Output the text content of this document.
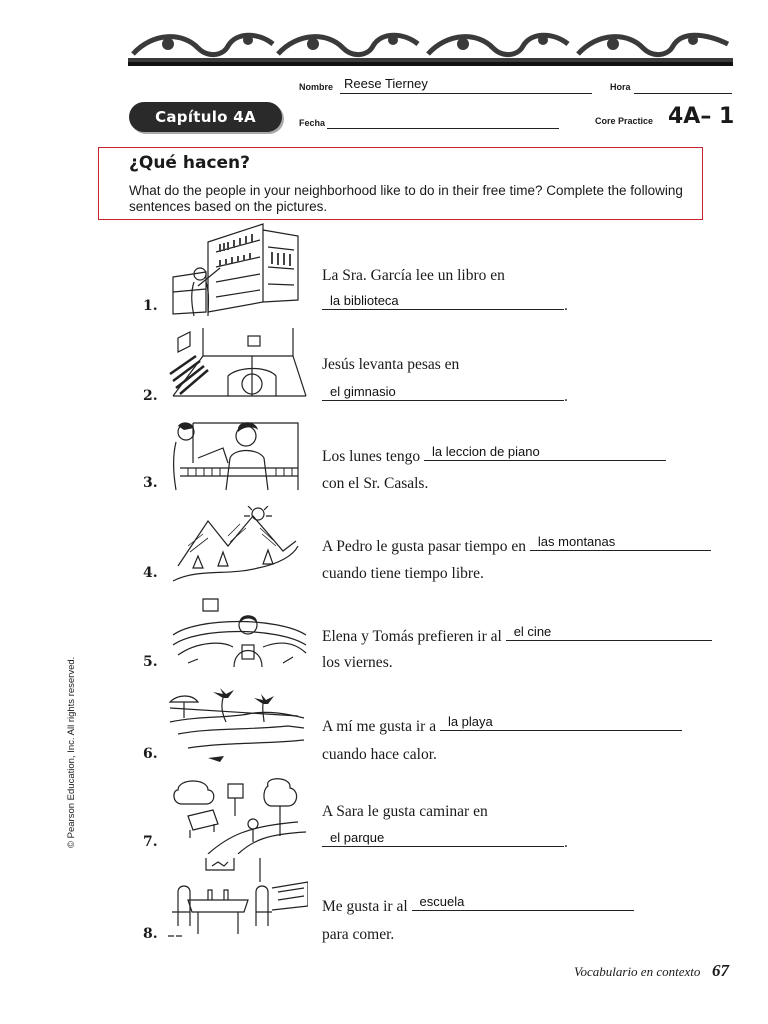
Nombre Reese Tierney	Hora
Capítulo 4A	Fecha	Core Practice 4A– 1
¿Qué hacen?
What do the people in your neighborhood like to do in their free time? Complete the following sentences based on the pictures.
© Pearson Education, Inc. All rights reserved.
La Sra. García lee un libro en
1.	la biblioteca	.
Jesús levanta pesas en
2.	el gimnasio	.
Los lunes tengo la leccion de piano
3.	con el Sr. Casals.
A Pedro le gusta pasar tiempo en las montanas
4.	cuando tiene tiempo libre.
Elena y Tomás prefieren ir al el cine
5.	los viernes.
A mí me gusta ir a la playa
6.	cuando hace calor.
A Sara le gusta caminar en
7.	el parque	.
Me gusta ir al escuela
8.	para comer.
Vocabulario en contexto 67
